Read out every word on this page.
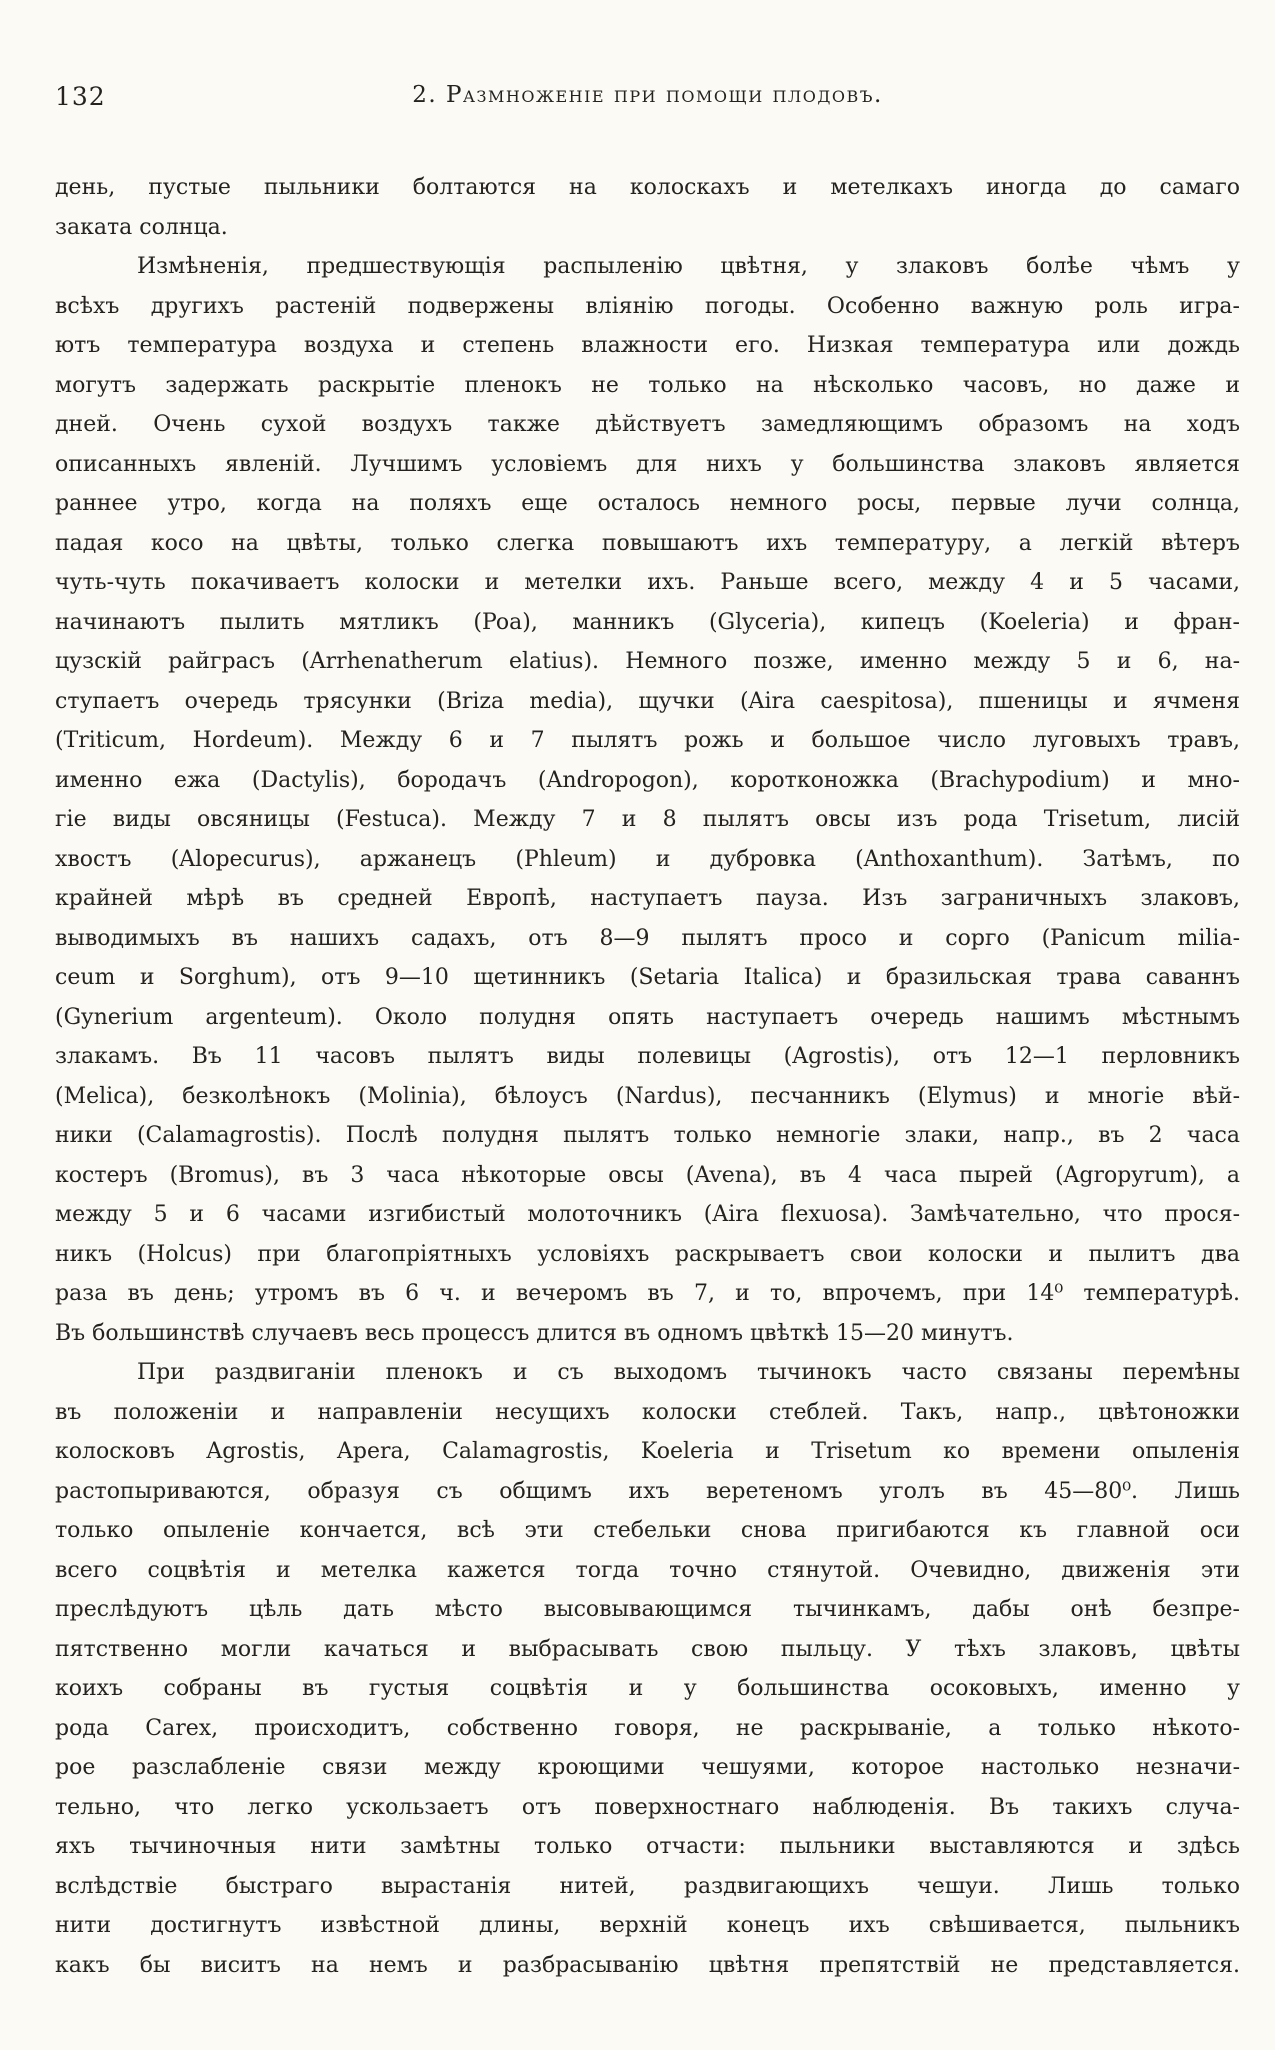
132	2. Размноженіе при помощи плодовъ.
день, пустые пыльники болтаются на колоскахъ и метелкахъ иногда до самаго
заката солнца.
Измѣненія, предшествующія распыленію цвѣтня, у злаковъ болѣе чѣмъ у
всѣхъ другихъ растеній подвержены вліянію погоды. Особенно важную роль игра-
ютъ температура воздуха и степень влажности его. Низкая температура или дождь
могутъ задержать раскрытіе пленокъ не только на нѣсколько часовъ, но даже и
дней. Очень сухой воздухъ также дѣйствуетъ замедляющимъ образомъ на ходъ
описанныхъ явленій. Лучшимъ условіемъ для нихъ у большинства злаковъ является
раннее утро, когда на поляхъ еще осталось немного росы, первые лучи солнца,
падая косо на цвѣты, только слегка повышаютъ ихъ температуру, а легкій вѣтеръ
чуть-чуть покачиваетъ колоски и метелки ихъ. Раньше всего, между 4 и 5 часами,
начинаютъ пылить мятликъ (Poa), манникъ (Glyceria), кипецъ (Koeleria) и фран-
цузскій райграсъ (Arrhenatherum elatius). Немного позже, именно между 5 и 6, на-
ступаетъ очередь трясунки (Briza media), щучки (Aira caespitosa), пшеницы и ячменя
(Triticum, Hordeum). Между 6 и 7 пылятъ рожь и большое число луговыхъ травъ,
именно ежа (Dactylis), бородачъ (Andropogon), коротконожка (Brachypodium) и мно-
гіе виды овсяницы (Festuca). Между 7 и 8 пылятъ овсы изъ рода Trisetum, лисій
хвостъ (Alopecurus), аржанецъ (Phleum) и дубровка (Anthoxanthum). Затѣмъ, по
крайней мѣрѣ въ средней Европѣ, наступаетъ пауза. Изъ заграничныхъ злаковъ,
выводимыхъ въ нашихъ садахъ, отъ 8—9 пылятъ просо и сорго (Panicum milia-
ceum и Sorghum), отъ 9—10 щетинникъ (Setaria Italica) и бразильская трава саваннъ
(Gynerium argenteum). Около полудня опять наступаетъ очередь нашимъ мѣстнымъ
злакамъ. Въ 11 часовъ пылятъ виды полевицы (Agrostis), отъ 12—1 перловникъ
(Melica), безколѣнокъ (Molinia), бѣлоусъ (Nardus), песчанникъ (Elymus) и многіе вѣй-
ники (Calamagrostis). Послѣ полудня пылятъ только немногіе злаки, напр., въ 2 часа
костеръ (Bromus), въ 3 часа нѣкоторые овсы (Avena), въ 4 часа пырей (Agropyrum), а
между 5 и 6 часами изгибистый молоточникъ (Aira flexuosa). Замѣчательно, что прося-
никъ (Holcus) при благопріятныхъ условіяхъ раскрываетъ свои колоски и пылитъ два
раза въ день; утромъ въ 6 ч. и вечеромъ въ 7, и то, впрочемъ, при 14⁰ температурѣ.
Въ большинствѣ случаевъ весь процессъ длится въ одномъ цвѣткѣ 15—20 минутъ.
При раздвиганіи пленокъ и съ выходомъ тычинокъ часто связаны перемѣны
въ положеніи и направленіи несущихъ колоски стеблей. Такъ, напр., цвѣтоножки
колосковъ Agrostis, Apera, Calamagrostis, Koeleria и Trisetum ко времени опыленія
растопыриваются, образуя съ общимъ ихъ веретеномъ уголъ въ 45—80⁰. Лишь
только опыленіе кончается, всѣ эти стебельки снова пригибаются къ главной оси
всего соцвѣтія и метелка кажется тогда точно стянутой. Очевидно, движенія эти
преслѣдуютъ цѣль дать мѣсто высовывающимся тычинкамъ, дабы онѣ безпре-
пятственно могли качаться и выбрасывать свою пыльцу. У тѣхъ злаковъ, цвѣты
коихъ собраны въ густыя соцвѣтія и у большинства осоковыхъ, именно у
рода Carex, происходитъ, собственно говоря, не раскрываніе, а только нѣкото-
рое разслабленіе связи между кроющими чешуями, которое настолько незначи-
тельно, что легко ускользаетъ отъ поверхностнаго наблюденія. Въ такихъ случа-
яхъ тычиночныя нити замѣтны только отчасти: пыльники выставляются и здѣсь
вслѣдствіе быстраго вырастанія нитей, раздвигающихъ чешуи. Лишь только
нити достигнутъ извѣстной длины, верхній конецъ ихъ свѣшивается, пыльникъ
какъ бы виситъ на немъ и разбрасыванію цвѣтня препятствій не представляется.
